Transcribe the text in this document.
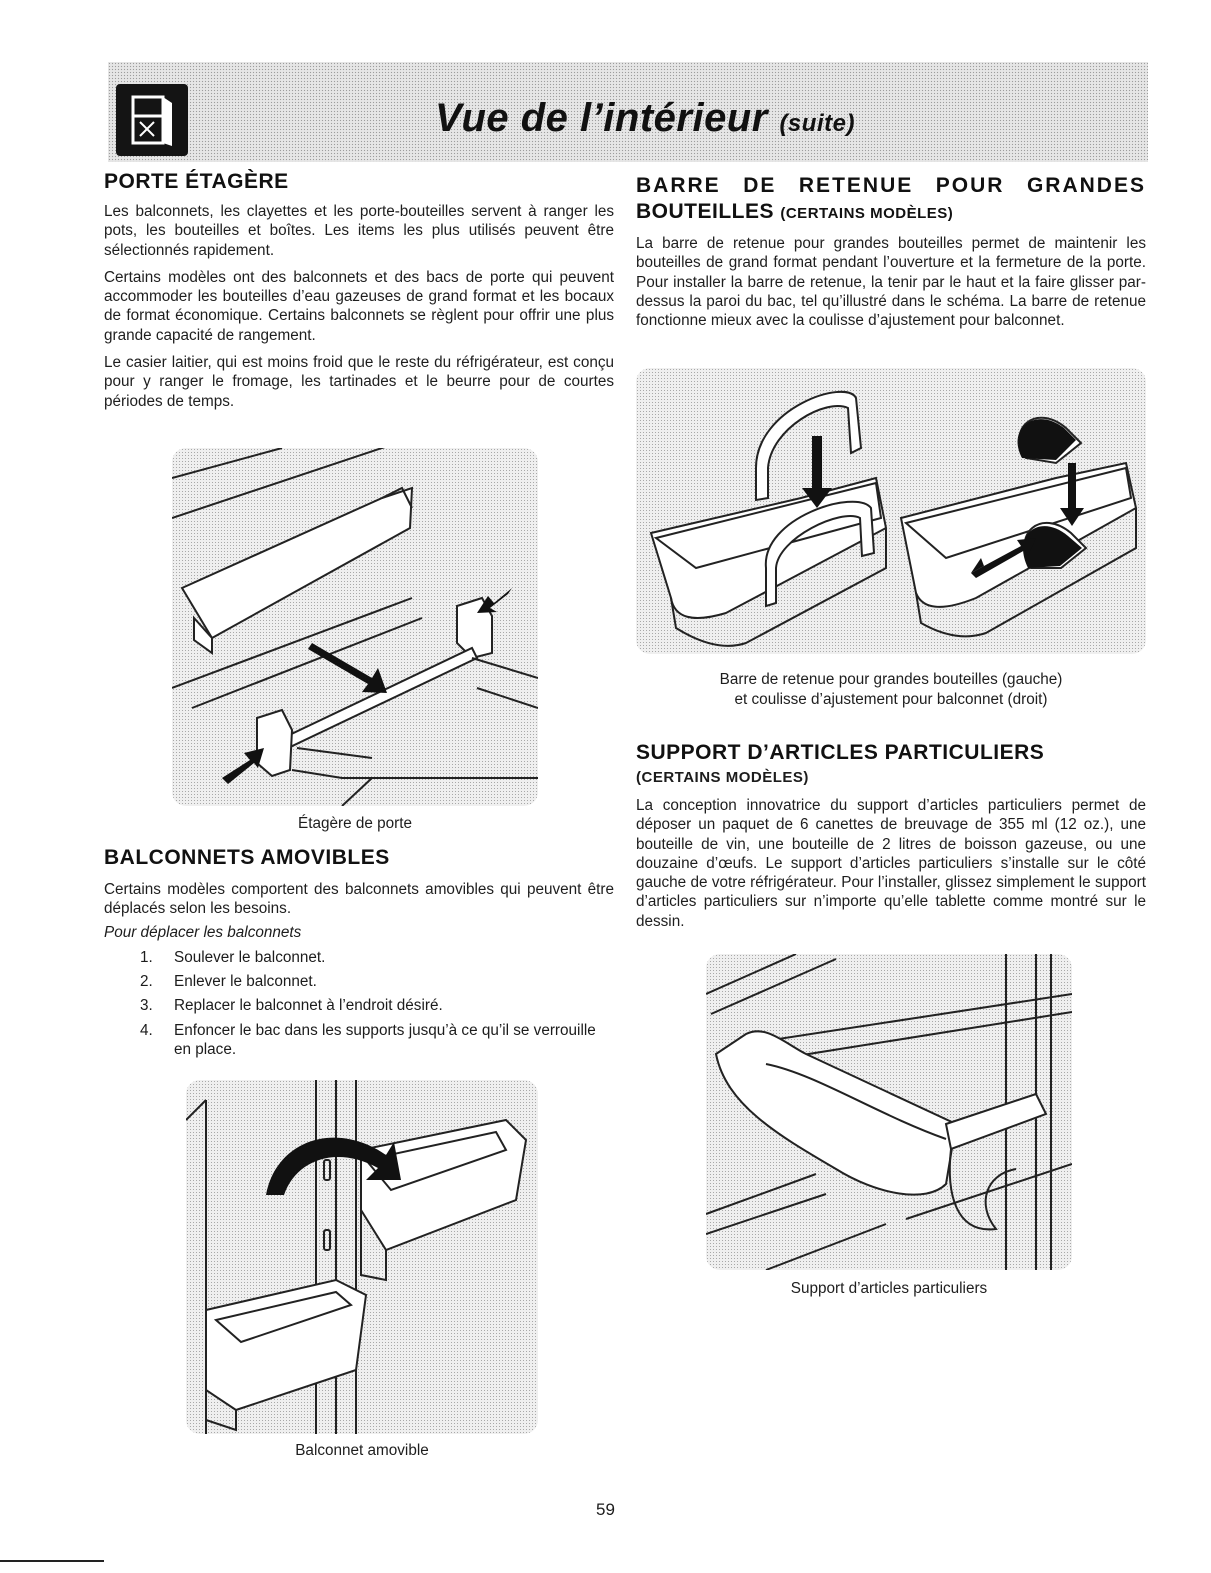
Vue de l’intérieur (suite)
PORTE ÉTAGÈRE

Les balconnets, les clayettes et les porte-bouteilles servent à ranger les pots, les bouteilles et boîtes. Les items les plus utilisés peuvent être sélectionnés rapidement.

Certains modèles ont des balconnets et des bacs de porte qui peuvent accommoder les bouteilles d’eau gazeuses de grand format et les bocaux de format économique. Certains balconnets se règlent pour offrir une plus grande capacité de rangement.

Le casier laitier, qui est moins froid que le reste du réfrigérateur, est conçu pour y ranger le fromage, les tartinades et le beurre pour de courtes périodes de temps.

Étagère de porte
BALCONNETS AMOVIBLES

Certains modèles comportent des balconnets amovibles qui peuvent être déplacés selon les besoins.

Pour déplacer les balconnets
1. Soulever le balconnet.
2. Enlever le balconnet.
3. Replacer le balconnet à l’endroit désiré.
4. Enfoncer le bac dans les supports jusqu’à ce qu’il se verrouille en place.
Balconnet amovible
BARRE DE RETENUE POUR GRANDES
BOUTEILLES (CERTAINS MODÈLES)

La barre de retenue pour grandes bouteilles permet de maintenir les bouteilles de grand format pendant l’ouverture et la fermeture de la porte. Pour installer la barre de retenue, la tenir par le haut et la faire glisser par-dessus la paroi du bac, tel qu’illustré dans le schéma. La barre de retenue fonctionne mieux avec la coulisse d’ajustement pour balconnet.

Barre de retenue pour grandes bouteilles (gauche)
et coulisse d’ajustement pour balconnet (droit)
SUPPORT D’ARTICLES PARTICULIERS
(CERTAINS MODÈLES)

La conception innovatrice du support d’articles particuliers permet de déposer un paquet de 6 canettes de breuvage de 355 ml (12 oz.), une bouteille de vin, une bouteille de 2 litres de boisson gazeuse, ou une douzaine d’œufs. Le support d’articles particuliers s’installe sur le côté gauche de votre réfrigérateur. Pour l’installer, glissez simplement le support d’articles particuliers sur n’importe qu’elle tablette comme montré sur le dessin.

Support d’articles particuliers
59
